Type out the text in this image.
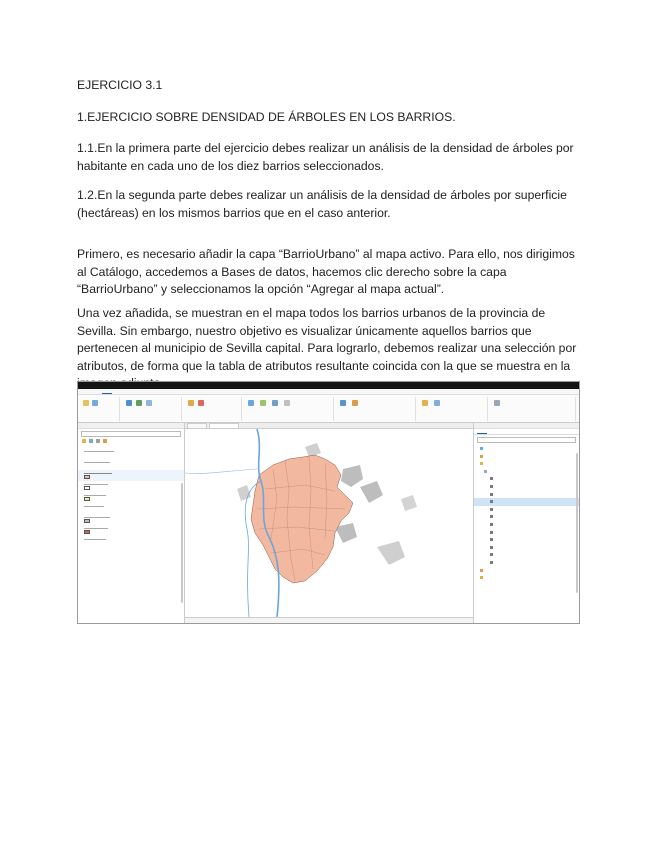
EJERCICIO 3.1

1.EJERCICIO SOBRE DENSIDAD DE ÁRBOLES EN LOS BARRIOS.

1.1.En la primera parte del ejercicio debes realizar un análisis de la densidad de árboles por habitante en cada uno de los diez barrios seleccionados.

1.2.En la segunda parte debes realizar un análisis de la densidad de árboles por superficie (hectáreas) en los mismos barrios que en el caso anterior.

Primero, es necesario añadir la capa “BarrioUrbano” al mapa activo. Para ello, nos dirigimos al Catálogo, accedemos a Bases de datos, hacemos clic derecho sobre la capa “BarrioUrbano” y seleccionamos la opción “Agregar al mapa actual”.

Una vez añadida, se muestran en el mapa todos los barrios urbanos de la provincia de Sevilla. Sin embargo, nuestro objetivo es visualizar únicamente aquellos barrios que pertenecen al municipio de Sevilla capital. Para lograrlo, debemos realizar una selección por atributos, de forma que la tabla de atributos resultante coincida con la que se muestra en la
